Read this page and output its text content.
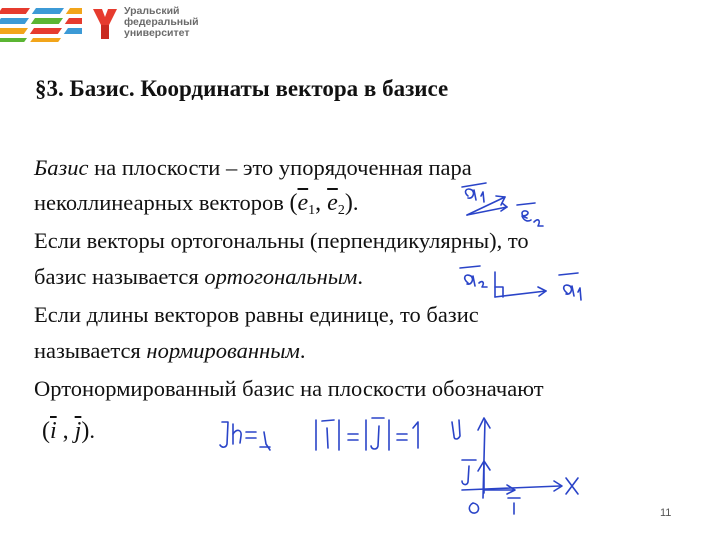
Уральский
федеральный
университет
§3. Базис. Координаты вектора в базисе
Базис на плоскости – это упорядоченная пара
неколлинеарных векторов ($\overline{e}_1$, $\overline{e}_2$).
Если векторы ортогональны (перпендикулярны), то
базис называется ортогональным.
Если длины векторов равны единице, то базис
называется нормированным.
Ортонормированный базис на плоскости обозначают
($\overline{i}$ , $\overline{j}$).
11
